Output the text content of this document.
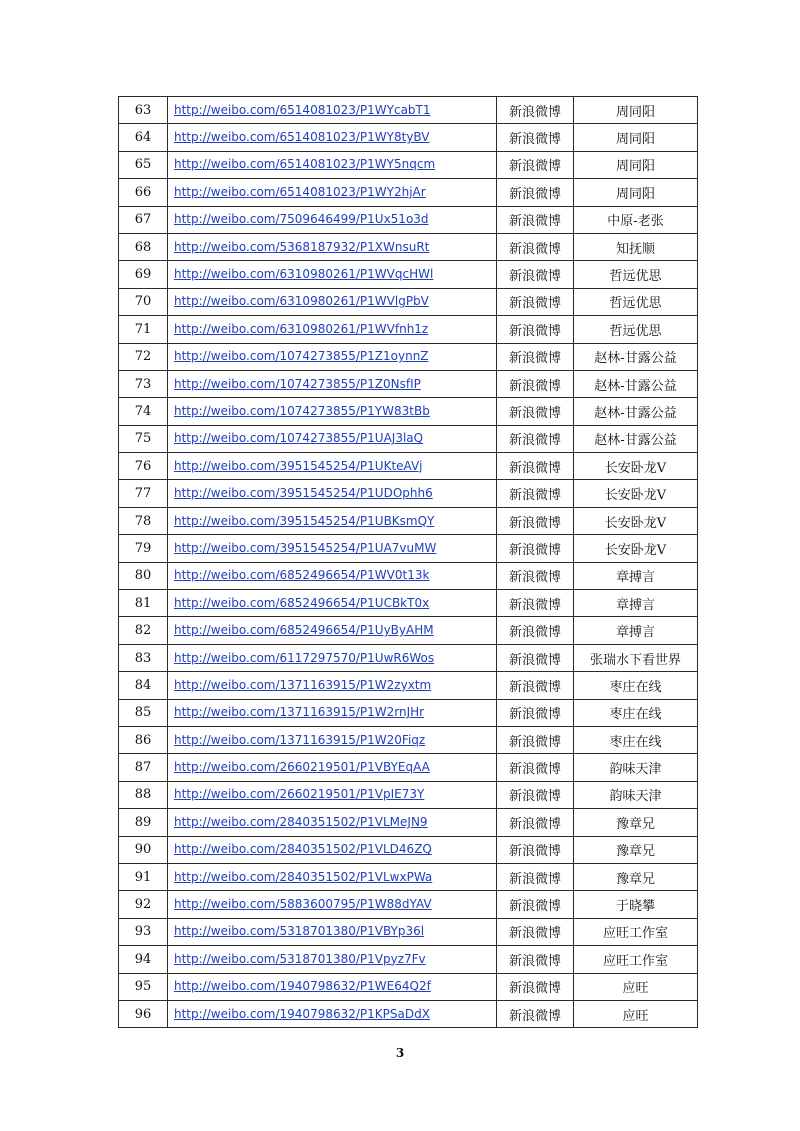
63	http://weibo.com/6514081023/P1WYcabT1	新浪微博	周同阳
64	http://weibo.com/6514081023/P1WY8tyBV	新浪微博	周同阳
65	http://weibo.com/6514081023/P1WY5nqcm	新浪微博	周同阳
66	http://weibo.com/6514081023/P1WY2hjAr	新浪微博	周同阳
67	http://weibo.com/7509646499/P1Ux51o3d	新浪微博	中原-老张
68	http://weibo.com/5368187932/P1XWnsuRt	新浪微博	知抚顺
69	http://weibo.com/6310980261/P1WVqcHWl	新浪微博	哲远优思
70	http://weibo.com/6310980261/P1WVlgPbV	新浪微博	哲远优思
71	http://weibo.com/6310980261/P1WVfnh1z	新浪微博	哲远优思
72	http://weibo.com/1074273855/P1Z1oynnZ	新浪微博	赵林-甘露公益
73	http://weibo.com/1074273855/P1Z0NsfIP	新浪微博	赵林-甘露公益
74	http://weibo.com/1074273855/P1YW83tBb	新浪微博	赵林-甘露公益
75	http://weibo.com/1074273855/P1UAJ3laQ	新浪微博	赵林-甘露公益
76	http://weibo.com/3951545254/P1UKteAVj	新浪微博	长安卧龙V
77	http://weibo.com/3951545254/P1UDOphh6	新浪微博	长安卧龙V
78	http://weibo.com/3951545254/P1UBKsmQY	新浪微博	长安卧龙V
79	http://weibo.com/3951545254/P1UA7vuMW	新浪微博	长安卧龙V
80	http://weibo.com/6852496654/P1WV0t13k	新浪微博	章搏言
81	http://weibo.com/6852496654/P1UCBkT0x	新浪微博	章搏言
82	http://weibo.com/6852496654/P1UyByAHM	新浪微博	章搏言
83	http://weibo.com/6117297570/P1UwR6Wos	新浪微博	张瑞水下看世界
84	http://weibo.com/1371163915/P1W2zyxtm	新浪微博	枣庄在线
85	http://weibo.com/1371163915/P1W2rnJHr	新浪微博	枣庄在线
86	http://weibo.com/1371163915/P1W20Fiqz	新浪微博	枣庄在线
87	http://weibo.com/2660219501/P1VBYEqAA	新浪微博	韵味天津
88	http://weibo.com/2660219501/P1VpIE73Y	新浪微博	韵味天津
89	http://weibo.com/2840351502/P1VLMeJN9	新浪微博	豫章兄
90	http://weibo.com/2840351502/P1VLD46ZQ	新浪微博	豫章兄
91	http://weibo.com/2840351502/P1VLwxPWa	新浪微博	豫章兄
92	http://weibo.com/5883600795/P1W88dYAV	新浪微博	于晓攀
93	http://weibo.com/5318701380/P1VBYp36l	新浪微博	应旺工作室
94	http://weibo.com/5318701380/P1Vpyz7Fv	新浪微博	应旺工作室
95	http://weibo.com/1940798632/P1WE64Q2f	新浪微博	应旺
96	http://weibo.com/1940798632/P1KPSaDdX	新浪微博	应旺
3
